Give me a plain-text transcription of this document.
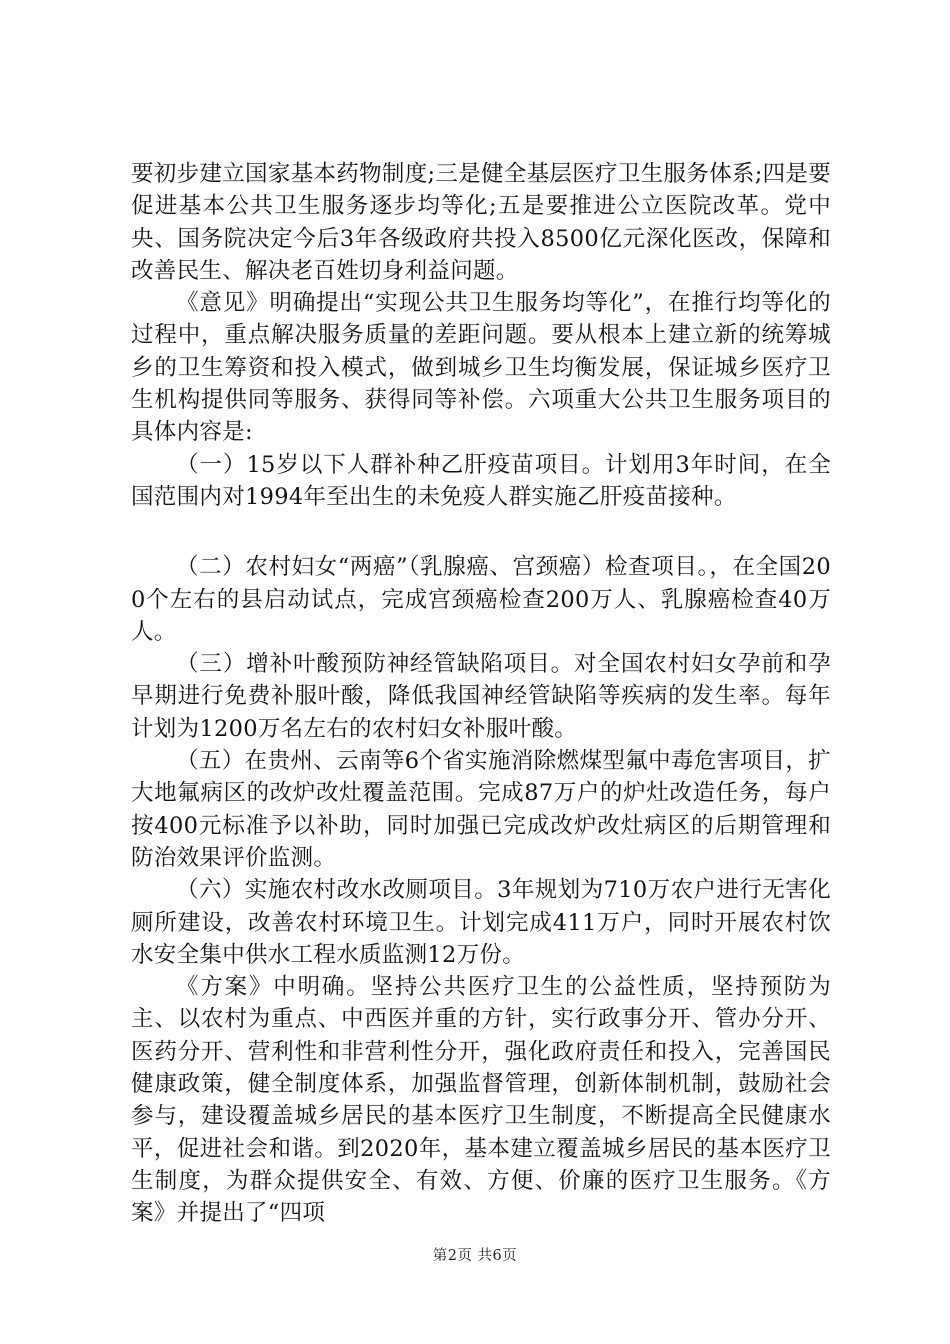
要初步建立国家基本药物制度;三是健全基层医疗卫生服务体系;四是要促进基本公共卫生服务逐步均等化;五是要推进公立医院改革。党中央、国务院决定今后3年各级政府共投入8500亿元深化医改，保障和改善民生、解决老百姓切身利益问题。

《意见》明确提出“实现公共卫生服务均等化”，在推行均等化的过程中，重点解决服务质量的差距问题。要从根本上建立新的统筹城乡的卫生筹资和投入模式，做到城乡卫生均衡发展，保证城乡医疗卫生机构提供同等服务、获得同等补偿。六项重大公共卫生服务项目的具体内容是:

（一）15岁以下人群补种乙肝疫苗项目。计划用3年时间，在全国范围内对1994年至出生的未免疫人群实施乙肝疫苗接种。

（二）农村妇女“两癌”（乳腺癌、宫颈癌）检查项目。，在全国200个左右的县启动试点，完成宫颈癌检查200万人、乳腺癌检查40万人。

（三）增补叶酸预防神经管缺陷项目。对全国农村妇女孕前和孕早期进行免费补服叶酸，降低我国神经管缺陷等疾病的发生率。每年计划为1200万名左右的农村妇女补服叶酸。

（五）在贵州、云南等6个省实施消除燃煤型氟中毒危害项目，扩大地氟病区的改炉改灶覆盖范围。完成87万户的炉灶改造任务，每户按400元标准予以补助，同时加强已完成改炉改灶病区的后期管理和防治效果评价监测。

（六）实施农村改水改厕项目。3年规划为710万农户进行无害化厕所建设，改善农村环境卫生。计划完成411万户，同时开展农村饮水安全集中供水工程水质监测12万份。

《方案》中明确。坚持公共医疗卫生的公益性质，坚持预防为主、以农村为重点、中西医并重的方针，实行政事分开、管办分开、医药分开、营利性和非营利性分开，强化政府责任和投入，完善国民健康政策，健全制度体系，加强监督管理，创新体制机制，鼓励社会参与，建设覆盖城乡居民的基本医疗卫生制度，不断提高全民健康水平，促进社会和谐。到2020年，基本建立覆盖城乡居民的基本医疗卫生制度，为群众提供安全、有效、方便、价廉的医疗卫生服务。《方案》并提出了“四项

第2页 共6页
